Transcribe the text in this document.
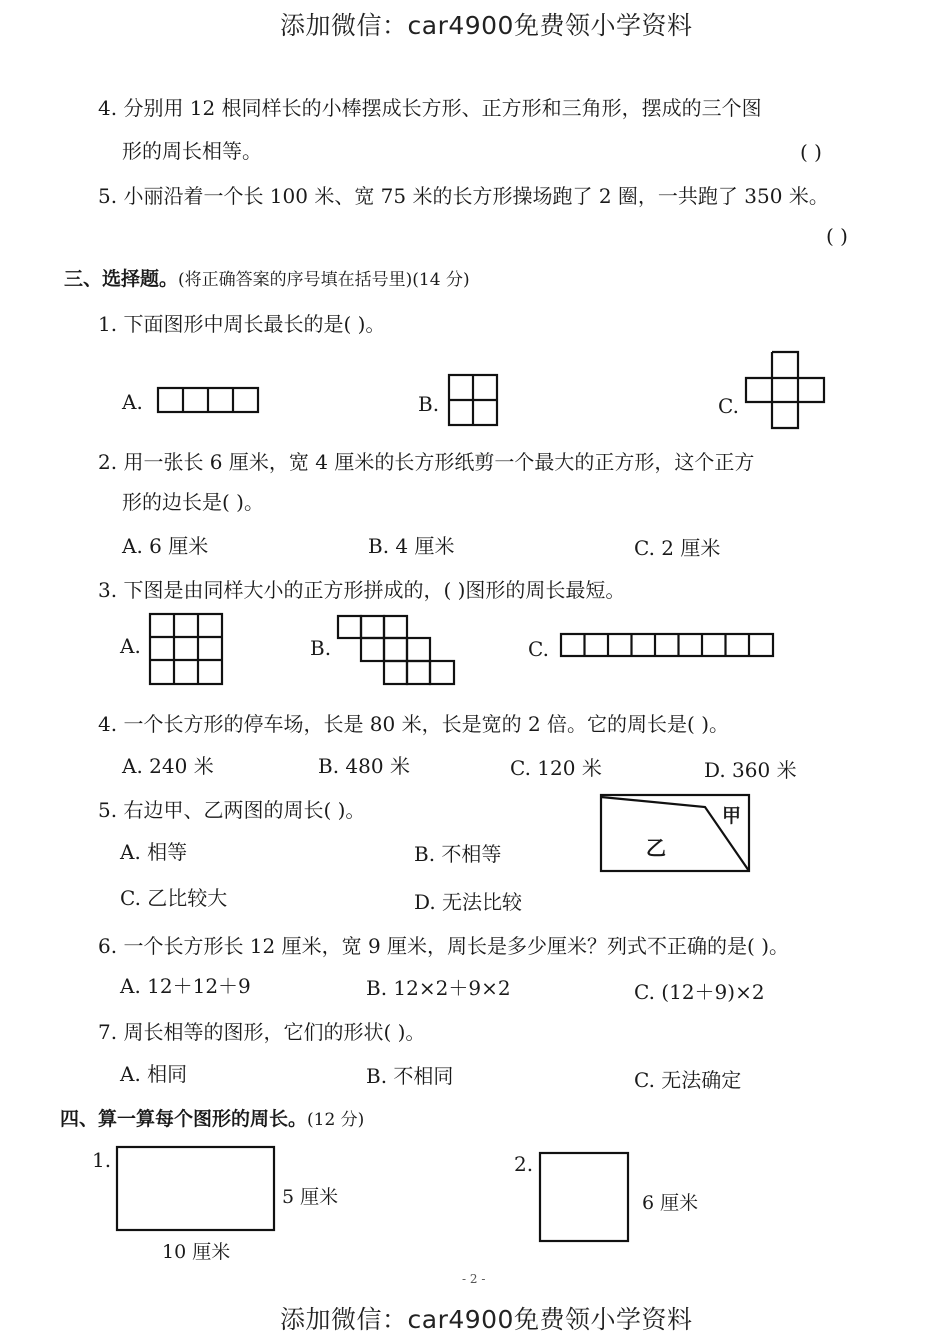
添加微信：car4900免费领小学资料
4. 分别用 12 根同样长的小棒摆成长方形、正方形和三角形，摆成的三个图
形的周长相等。	( )
5. 小丽沿着一个长 100 米、宽 75 米的长方形操场跑了 2 圈，一共跑了 350 米。
( )
三、选择题。(将正确答案的序号填在括号里)(14 分)
1. 下面图形中周长最长的是( )。
A.	B.	C.
2. 用一张长 6 厘米，宽 4 厘米的长方形纸剪一个最大的正方形，这个正方
形的边长是( )。
A. 6 厘米	B. 4 厘米	C. 2 厘米
3. 下图是由同样大小的正方形拼成的，( )图形的周长最短。
A.	B.	C.
4. 一个长方形的停车场，长是 80 米，长是宽的 2 倍。它的周长是( )。
A. 240 米	B. 480 米	C. 120 米	D. 360 米
5. 右边甲、乙两图的周长( )。
A. 相等	B. 不相等
C. 乙比较大	D. 无法比较
甲
乙
6. 一个长方形长 12 厘米，宽 9 厘米，周长是多少厘米？列式不正确的是( )。
A. 12＋12＋9	B. 12×2＋9×2	C. (12＋9)×2
7. 周长相等的图形，它们的形状( )。
A. 相同	B. 不相同	C. 无法确定
四、算一算每个图形的周长。(12 分)
1.
5 厘米
10 厘米
2.
6 厘米
- 2 -
添加微信：car4900免费领小学资料
